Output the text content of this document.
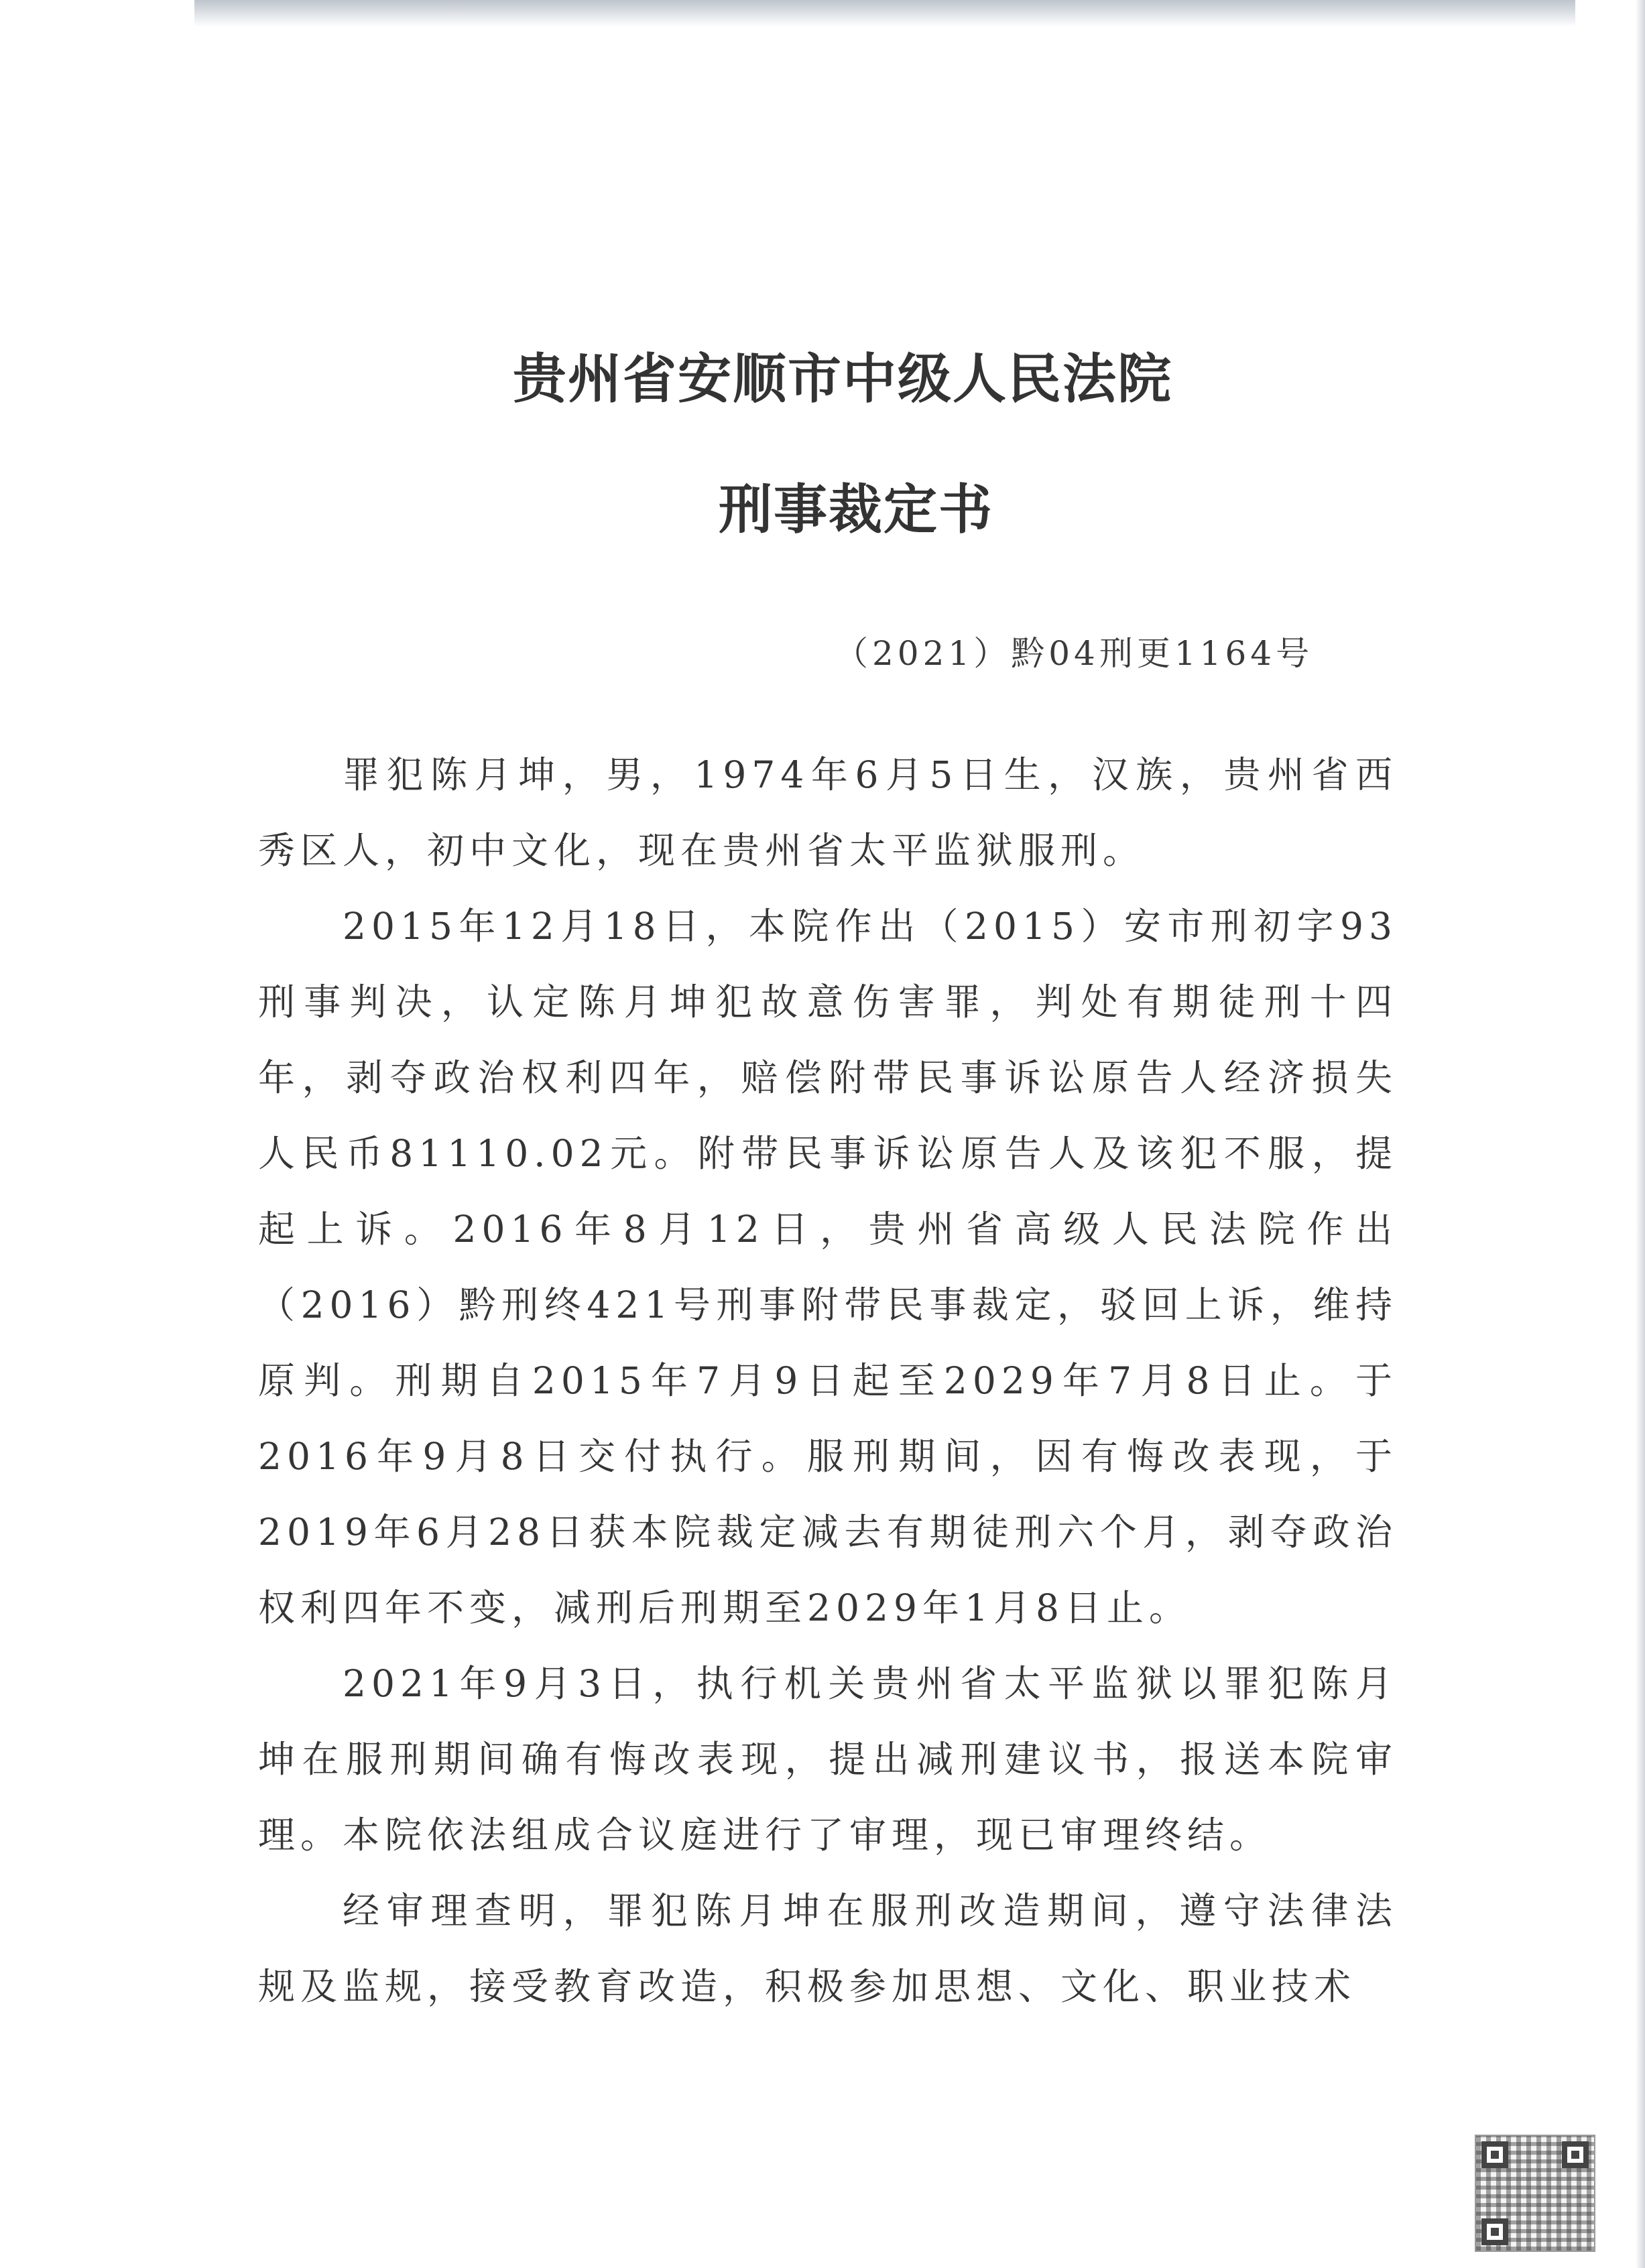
贵州省安顺市中级人民法院
刑事裁定书
（2021）黔04刑更1164号

罪犯陈月坤，男，1974年6月5日生，汉族，贵州省西秀区人，初中文化，现在贵州省太平监狱服刑。

2015年12月18日，本院作出（2015）安市刑初字93刑事判决，认定陈月坤犯故意伤害罪，判处有期徒刑十四年，剥夺政治权利四年，赔偿附带民事诉讼原告人经济损失人民币81110.02元。附带民事诉讼原告人及该犯不服，提起上诉。2016年8月12日，贵州省高级人民法院作出（2016）黔刑终421号刑事附带民事裁定，驳回上诉，维持原判。刑期自2015年7月9日起至2029年7月8日止。于2016年9月8日交付执行。服刑期间，因有悔改表现，于2019年6月28日获本院裁定减去有期徒刑六个月，剥夺政治权利四年不变，减刑后刑期至2029年1月8日止。

2021年9月3日，执行机关贵州省太平监狱以罪犯陈月坤在服刑期间确有悔改表现，提出减刑建议书，报送本院审理。本院依法组成合议庭进行了审理，现已审理终结。

经审理查明，罪犯陈月坤在服刑改造期间，遵守法律法规及监规，接受教育改造，积极参加思想、文化、职业技术
